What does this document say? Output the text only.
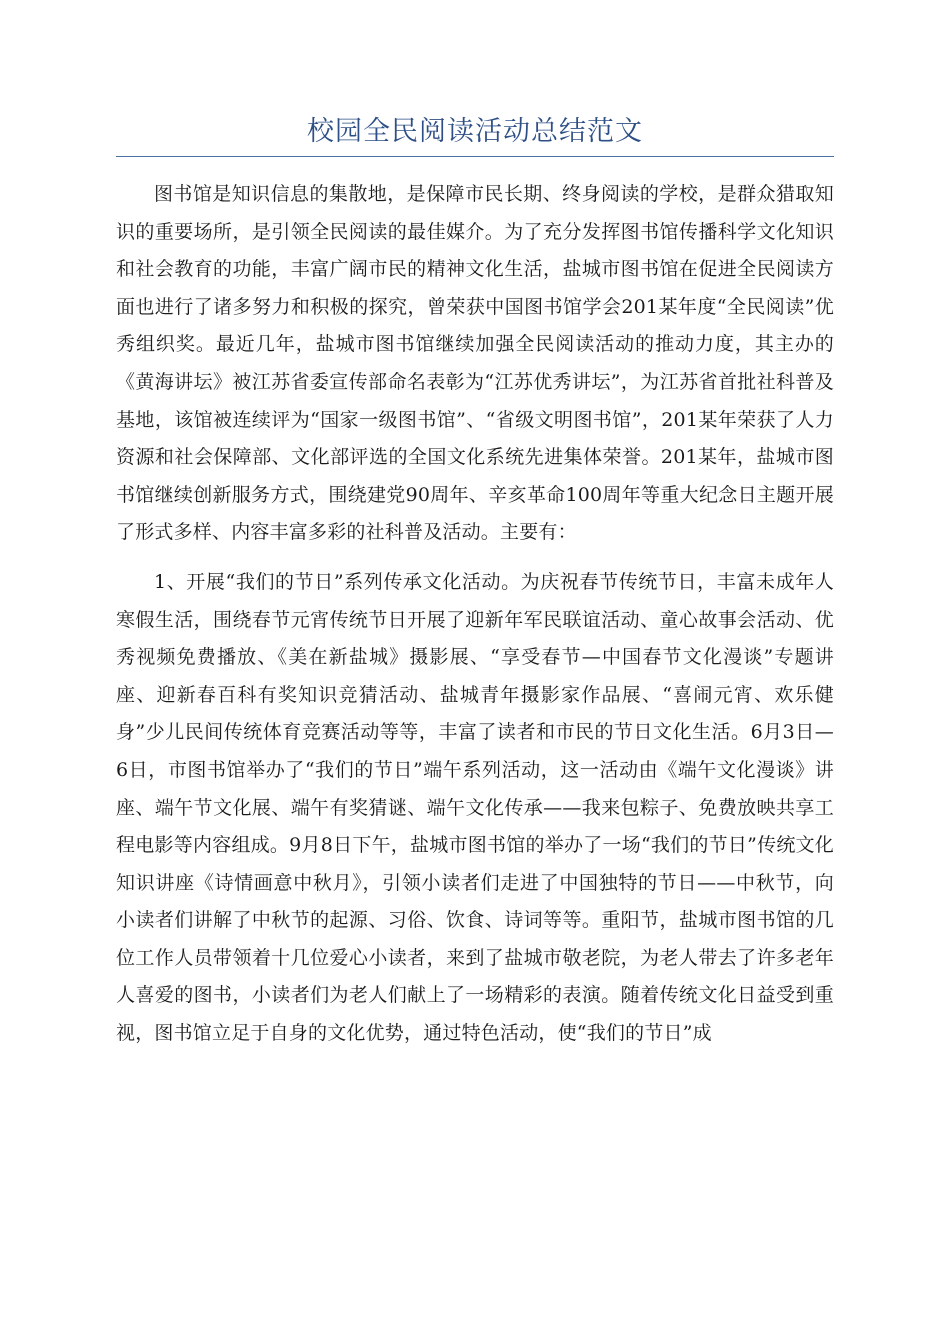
校园全民阅读活动总结范文

图书馆是知识信息的集散地，是保障市民长期、终身阅读的学校，是群众猎取知识的重要场所，是引领全民阅读的最佳媒介。为了充分发挥图书馆传播科学文化知识和社会教育的功能，丰富广阔市民的精神文化生活，盐城市图书馆在促进全民阅读方面也进行了诸多努力和积极的探究，曾荣获中国图书馆学会201某年度“全民阅读”优秀组织奖。最近几年，盐城市图书馆继续加强全民阅读活动的推动力度，其主办的《黄海讲坛》被江苏省委宣传部命名表彰为“江苏优秀讲坛”，为江苏省首批社科普及基地，该馆被连续评为“国家一级图书馆”、“省级文明图书馆”，201某年荣获了人力资源和社会保障部、文化部评选的全国文化系统先进集体荣誉。201某年，盐城市图书馆继续创新服务方式，围绕建党90周年、辛亥革命100周年等重大纪念日主题开展了形式多样、内容丰富多彩的社科普及活动。主要有：

1、开展“我们的节日”系列传承文化活动。为庆祝春节传统节日，丰富未成年人寒假生活，围绕春节元宵传统节日开展了迎新年军民联谊活动、童心故事会活动、优秀视频免费播放、《美在新盐城》摄影展、“享受春节—中国春节文化漫谈”专题讲座、迎新春百科有奖知识竞猜活动、盐城青年摄影家作品展、“喜闹元宵、欢乐健身”少儿民间传统体育竞赛活动等等，丰富了读者和市民的节日文化生活。6月3日—6日，市图书馆举办了“我们的节日”端午系列活动，这一活动由《端午文化漫谈》讲座、端午节文化展、端午有奖猜谜、端午文化传承——我来包粽子、免费放映共享工程电影等内容组成。9月8日下午，盐城市图书馆的举办了一场“我们的节日”传统文化知识讲座《诗情画意中秋月》，引领小读者们走进了中国独特的节日——中秋节，向小读者们讲解了中秋节的起源、习俗、饮食、诗词等等。重阳节，盐城市图书馆的几位工作人员带领着十几位爱心小读者，来到了盐城市敬老院，为老人带去了许多老年人喜爱的图书，小读者们为老人们献上了一场精彩的表演。随着传统文化日益受到重视，图书馆立足于自身的文化优势，通过特色活动，使“我们的节日”成
